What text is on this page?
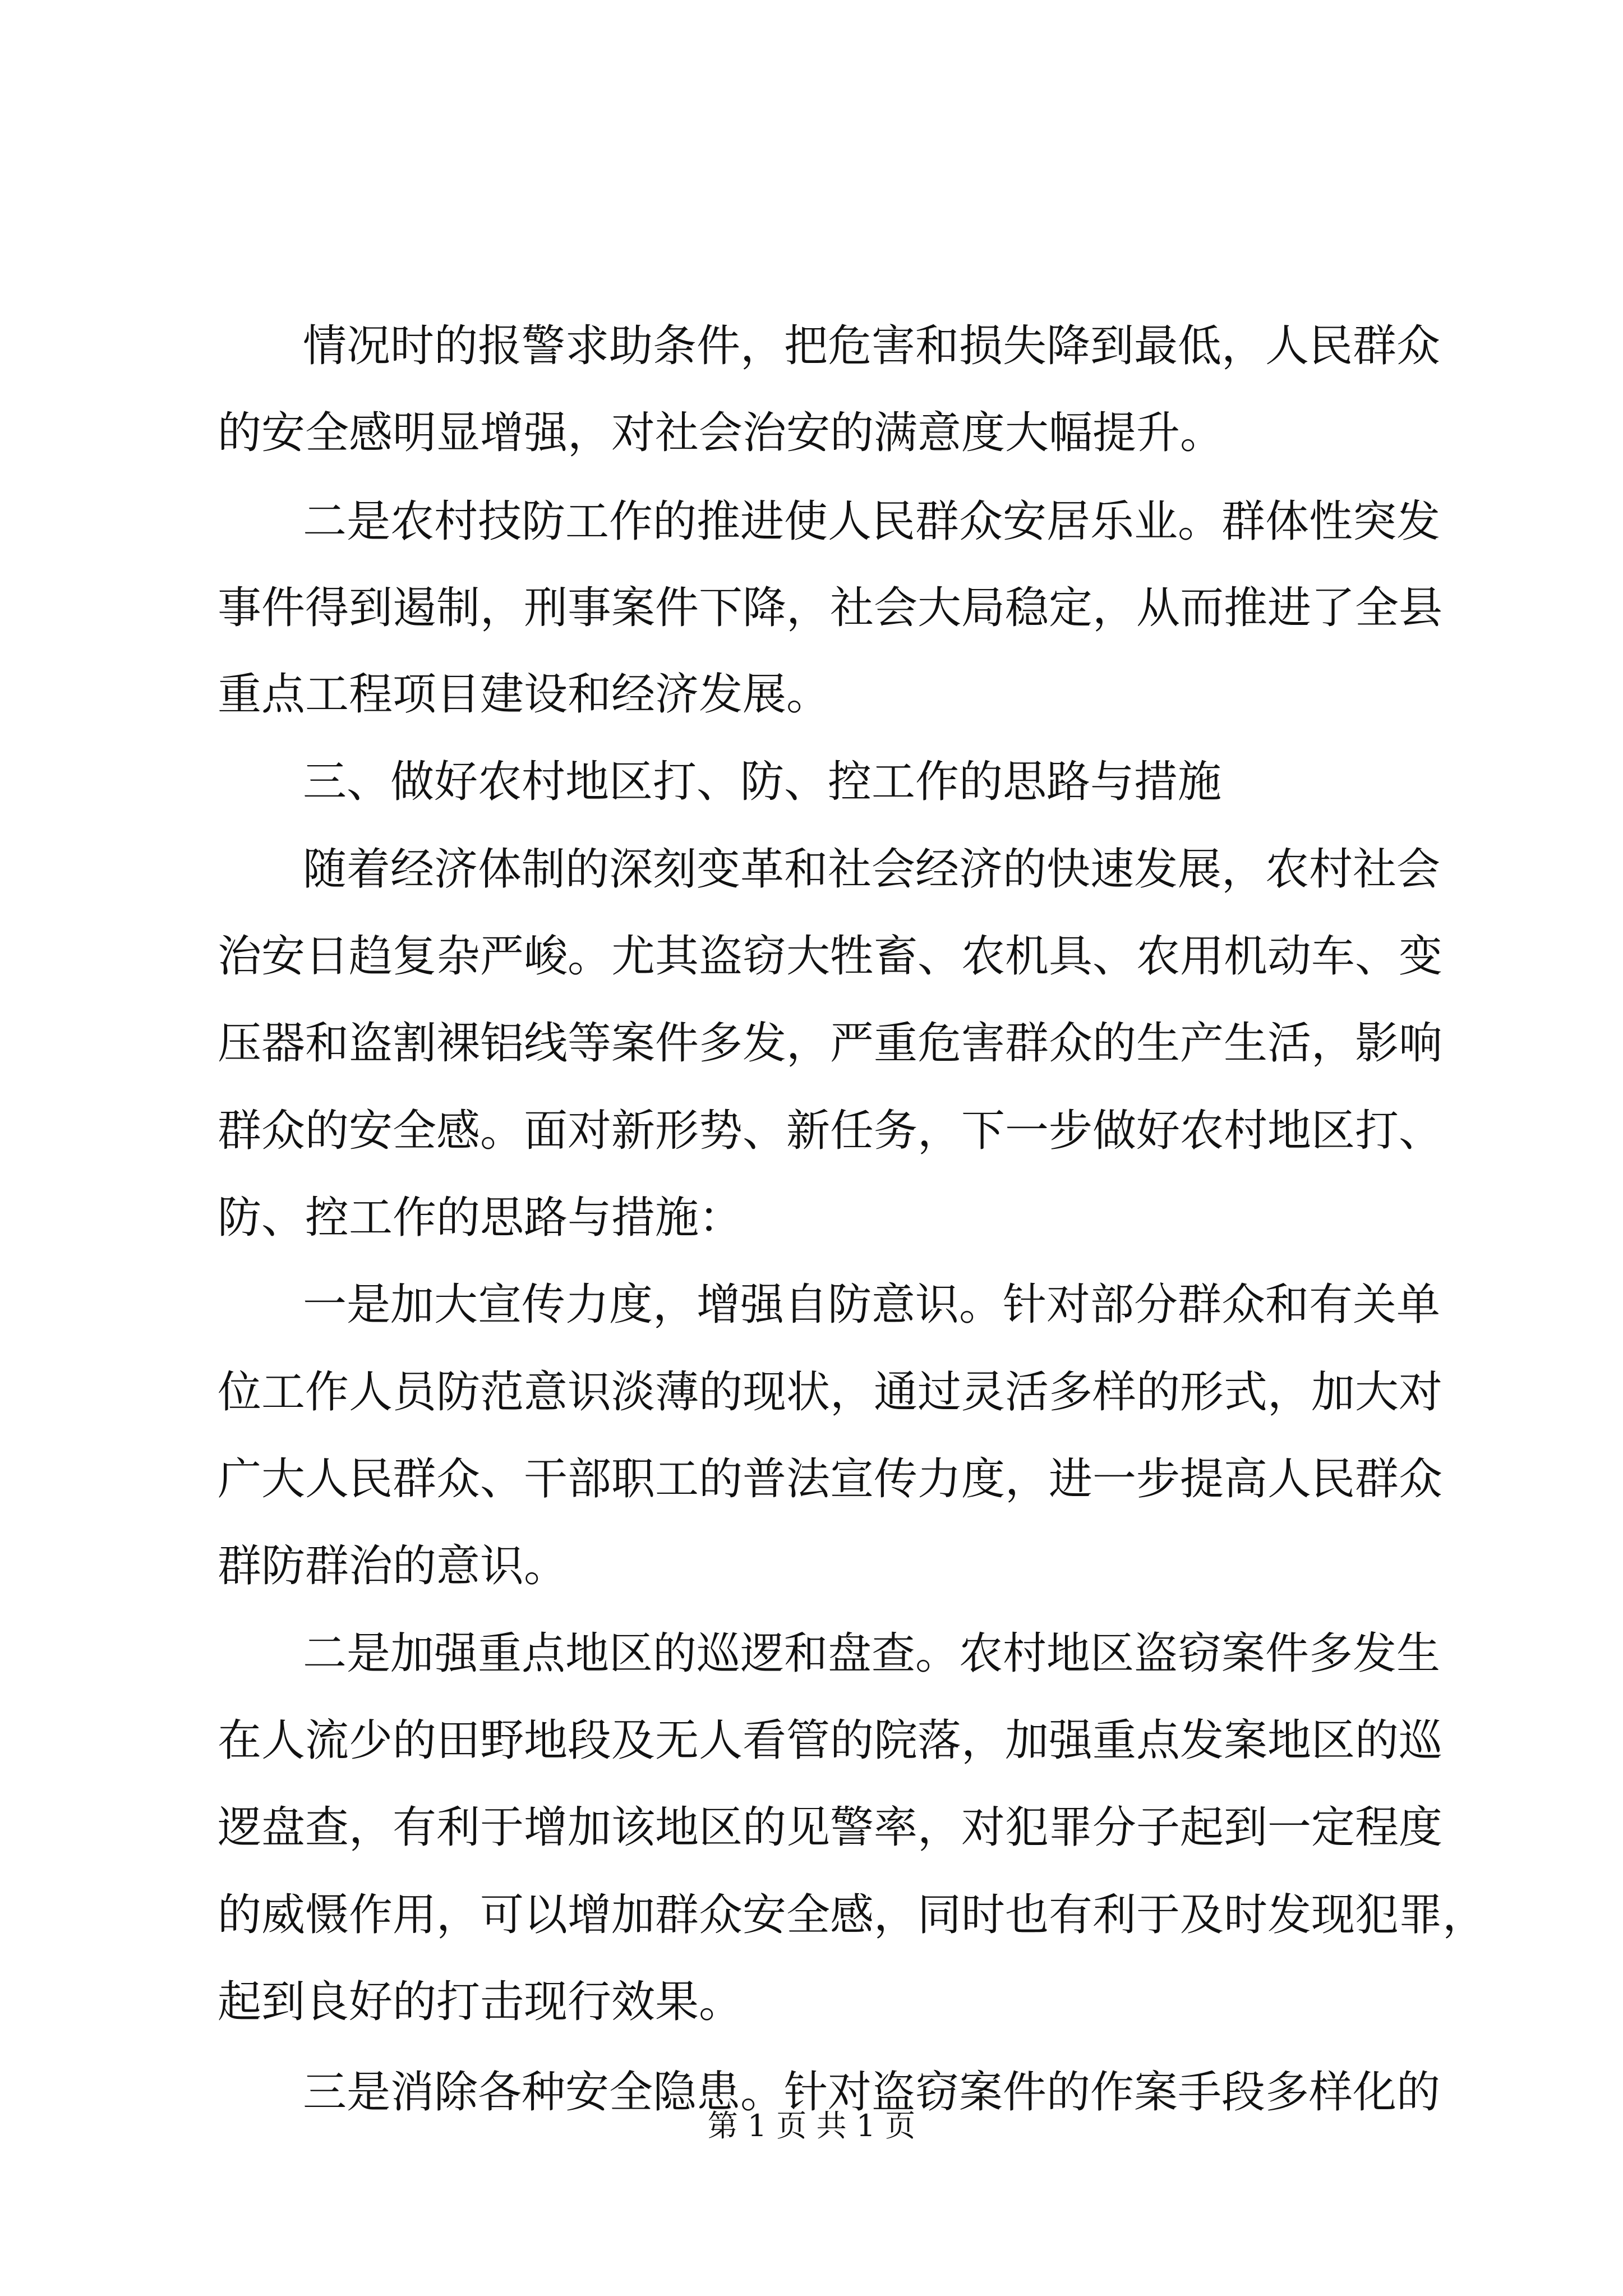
情况时的报警求助条件，把危害和损失降到最低，人民群众
的安全感明显增强，对社会治安的满意度大幅提升。
二是农村技防工作的推进使人民群众安居乐业。群体性突发
事件得到遏制，刑事案件下降，社会大局稳定，从而推进了全县
重点工程项目建设和经济发展。
三、做好农村地区打、防、控工作的思路与措施
随着经济体制的深刻变革和社会经济的快速发展，农村社会
治安日趋复杂严峻。尤其盗窃大牲畜、农机具、农用机动车、变
压器和盗割裸铝线等案件多发，严重危害群众的生产生活，影响
群众的安全感。面对新形势、新任务，下一步做好农村地区打、
防、控工作的思路与措施：
一是加大宣传力度，增强自防意识。针对部分群众和有关单
位工作人员防范意识淡薄的现状，通过灵活多样的形式，加大对
广大人民群众、干部职工的普法宣传力度，进一步提高人民群众
群防群治的意识。
二是加强重点地区的巡逻和盘查。农村地区盗窃案件多发生
在人流少的田野地段及无人看管的院落，加强重点发案地区的巡
逻盘查，有利于增加该地区的见警率，对犯罪分子起到一定程度
的威慑作用，可以增加群众安全感，同时也有利于及时发现犯罪，
起到良好的打击现行效果。
三是消除各种安全隐患。针对盗窃案件的作案手段多样化的
第 1 页 共 1 页
